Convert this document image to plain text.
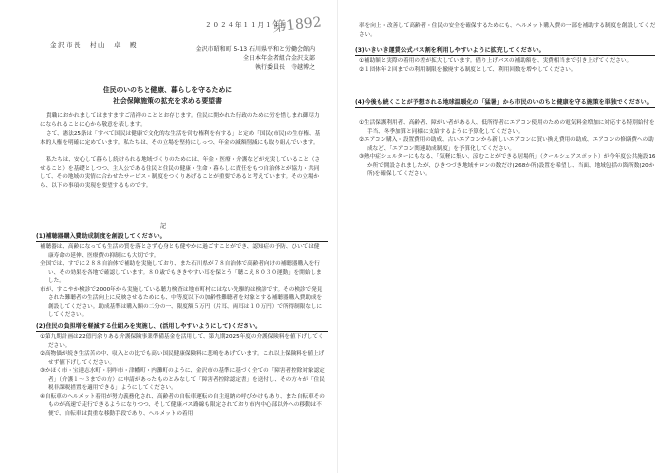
２０２４年１１月１４日
第1892
金沢市長　村山　卓　殿
金沢市昭和町 5-13 石川県平和と労働会館内
全日本年金者組合金沢支部
執行委員長　寺越博之
住民のいのちと健康、暮らしを守るために
社会保障施策の拡充を求める要望書
貴職におかれましてはますますご清祥のこととお存じます。住民に開かれた行政のために労を惜しまれ御尽力になられることに心から敬意を表します。
さて、憲法25条は「すべて国民は健康で文化的な生活を営む権利を有する」と定め「国民(市民)の生存権、基本的人権を明確に定めています。私たちは、その立場を堅持にしっつ、年金の減額削減にも取り組んでいます。
私たちは、安心して暮らし続けられる地域づくりのためには、年金・医療・介護などが充実していること（させること）を基礎としつつ、主人公である住民と住民の健康・生命・暮らしに責任をもつ自治体とが協力・共同して、その地域の実情に合わせたサービス・制度をつくりあげることが重要であると考えています。その立場から、以下の事項の実現を要望するものです。
記
(1)補聴器購入費助成制度を創設してください。
補聴器は、高齢になっても生活の質を落とさず心身とも健やかに過ごすことができ、認知症の予防、ひいては健康寿命の延伸、医療費の抑制にも大切です。
全国では、すでに２８８自治体で補助を実施しており、また石川県が７８自治体で高齢者向けの補聴器購入を行い、その効果を各地で確認しています。８０歳でもききやすい耳を保とう「聴こえ８０３０運動」を開始しました。
市が、すこやか検診で2000年から実施している聴力検査は地市町村にはない先駆的は検診です。その検診で発見された難聴者の生活向上に反映させるためにも、中等度以下の加齢性難聴者を対象とする補聴器購入費助成を創設してください。助成基準は購入額の二分の一、限度額５万円（片耳、両耳は１０万円）で所得制限なしにしてください。
(2)住民の負担増を軽減する仕組みを実施し、(活用しやすいようにして)ください。
①第九期計画は22億円余りある介護保険事業準備基金を活用して、第九期2025年度の介護保険料を値下げしてください。
②高物価が続き生活苦の中、収入との比でも高い国民健康保険料に悲鳴をあげています。これ以上保険料を値上げせず値下げしてください。
③かほく市・宝達志水町・羽咋市・津幡町・内灘町のように、金沢市の基準に基づく全ての「障害者控除対象認定者」（介護１〜３までの方）に申請があったものとみなして「障害者控除認定書」を送付し、その方々が「住民税非課税措置を適用できる」ようにしてください。
④自転車のヘルメット着用が努力義務化され、高齢者の自転車運転の自主返納の呼びかけもあり、また自転車そのものが高速で走行できるようになりつつ、そして健康バス路線も限定されており市内中心部以外への移動は不便で、自転車は貴重な移動手段であり、ヘルメットの着用
率を向上・改善して高齢者・住民の安全を確保するためにも、ヘルメット購入費の一部を補助する制度を創設してください。
(3)いきいき運賃公式バス割を利用しやすいように拡充してください。
①補助額と実際の着用の差が拡大しています。借り上げバスの補助額を、実費相当まで引き上げてください。
②１団体年２回までの利用制限を撤廃する制度として、利用回数を増やしてください。
(4)今後も続くことが予想される地球温暖化の「猛暑」から市民のいのちと健康を守る施策を単独でください。
①生活保護利用者、高齢者、障がい者がある人、低所得者にエアコン使用のための電気料金増加に対応する特別給付を手当、冬季加算と同様に支給するように予算化してください。
②エアコン購入・設置費用の助成、古いエアコンから新しいエアコンに買い換え費用の助成、エアコンの修繕費への助成など、「エアコン関連助成制度」を予算化してください。
③熱中症シェルターにもなる、「気軽に集い、涼むことができる居場所」（クールシェアスポット）が今年度公共施設16か所で開設されましたが、ひきつづき地域サロンの数だけ(268か所)設置を希望し、当面、地域包括の箇所数(20か所)を確保してください。
